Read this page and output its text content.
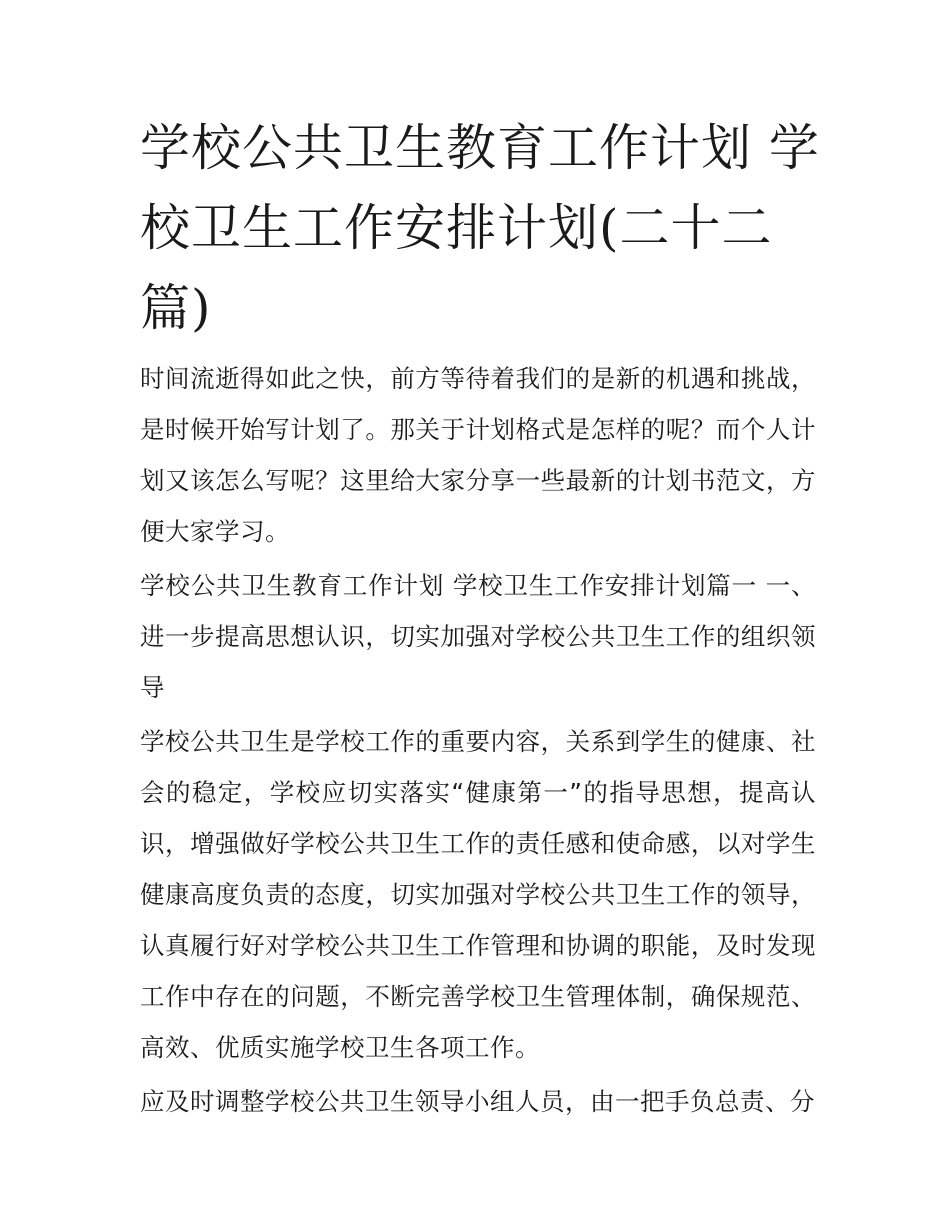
学校公共卫生教育工作计划 学校卫生工作安排计划(二十二篇)

时间流逝得如此之快，前方等待着我们的是新的机遇和挑战，是时候开始写计划了。那关于计划格式是怎样的呢？而个人计划又该怎么写呢？这里给大家分享一些最新的计划书范文，方便大家学习。

学校公共卫生教育工作计划 学校卫生工作安排计划篇一 一、进一步提高思想认识，切实加强对学校公共卫生工作的组织领导

学校公共卫生是学校工作的重要内容，关系到学生的健康、社会的稳定，学校应切实落实“健康第一”的指导思想，提高认识，增强做好学校公共卫生工作的责任感和使命感，以对学生健康高度负责的态度，切实加强对学校公共卫生工作的领导，认真履行好对学校公共卫生工作管理和协调的职能，及时发现工作中存在的问题，不断完善学校卫生管理体制，确保规范、高效、优质实施学校卫生各项工作。

应及时调整学校公共卫生领导小组人员，由一把手负总责、分
